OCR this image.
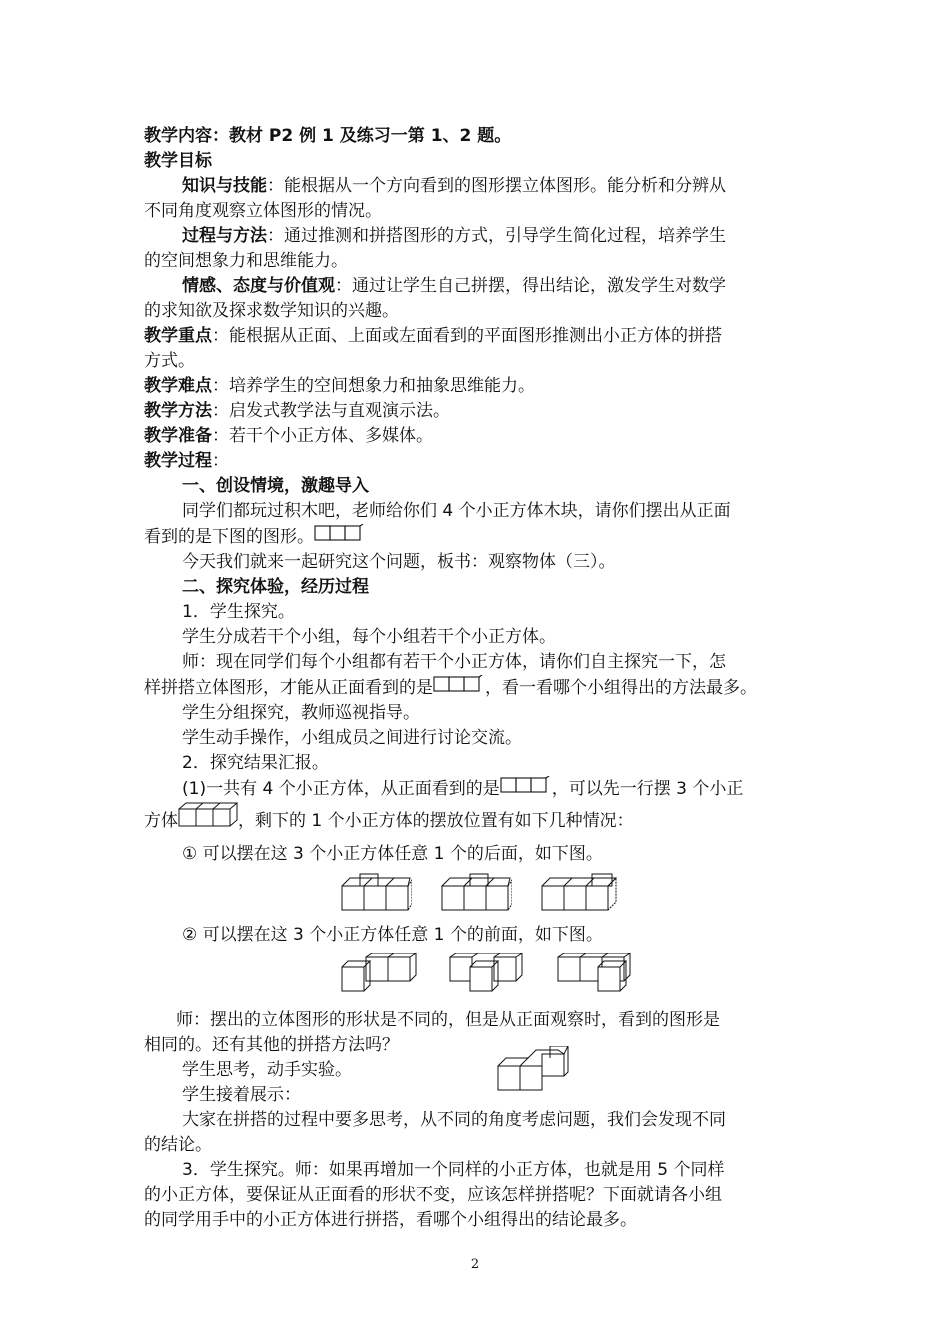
教学内容：教材 P2 例 1 及练习一第 1、2 题。
教学目标
知识与技能：能根据从一个方向看到的图形摆立体图形。能分析和分辨从
不同角度观察立体图形的情况。
过程与方法：通过推测和拼搭图形的方式，引导学生简化过程，培养学生
的空间想象力和思维能力。
情感、态度与价值观：通过让学生自己拼摆，得出结论，激发学生对数学
的求知欲及探求数学知识的兴趣。
教学重点：能根据从正面、上面或左面看到的平面图形推测出小正方体的拼搭
方式。
教学难点：培养学生的空间想象力和抽象思维能力。
教学方法：启发式教学法与直观演示法。
教学准备：若干个小正方体、多媒体。
教学过程：
一、创设情境，激趣导入
同学们都玩过积木吧，老师给你们 4 个小正方体木块，请你们摆出从正面
看到的是下图的图形。
今天我们就来一起研究这个问题，板书：观察物体（三）。
二、探究体验，经历过程
1．学生探究。
学生分成若干个小组，每个小组若干个小正方体。
师：现在同学们每个小组都有若干个小正方体，请你们自主探究一下，怎
样拼搭立体图形，才能从正面看到的是	，看一看哪个小组得出的方法最多。
学生分组探究，教师巡视指导。
学生动手操作，小组成员之间进行讨论交流。
2．探究结果汇报。
(1)一共有 4 个小正方体，从正面看到的是	，可以先一行摆 3 个小正
方体	，剩下的 1 个小正方体的摆放位置有如下几种情况：
① 可以摆在这 3 个小正方体任意 1 个的后面，如下图。
② 可以摆在这 3 个小正方体任意 1 个的前面，如下图。
师：摆出的立体图形的形状是不同的，但是从正面观察时，看到的图形是
相同的。还有其他的拼搭方法吗？
学生思考，动手实验。
学生接着展示：
大家在拼搭的过程中要多思考，从不同的角度考虑问题，我们会发现不同
的结论。
3．学生探究。师：如果再增加一个同样的小正方体，也就是用 5 个同样
的小正方体，要保证从正面看的形状不变，应该怎样拼搭呢？下面就请各小组
的同学用手中的小正方体进行拼搭，看哪个小组得出的结论最多。
2
